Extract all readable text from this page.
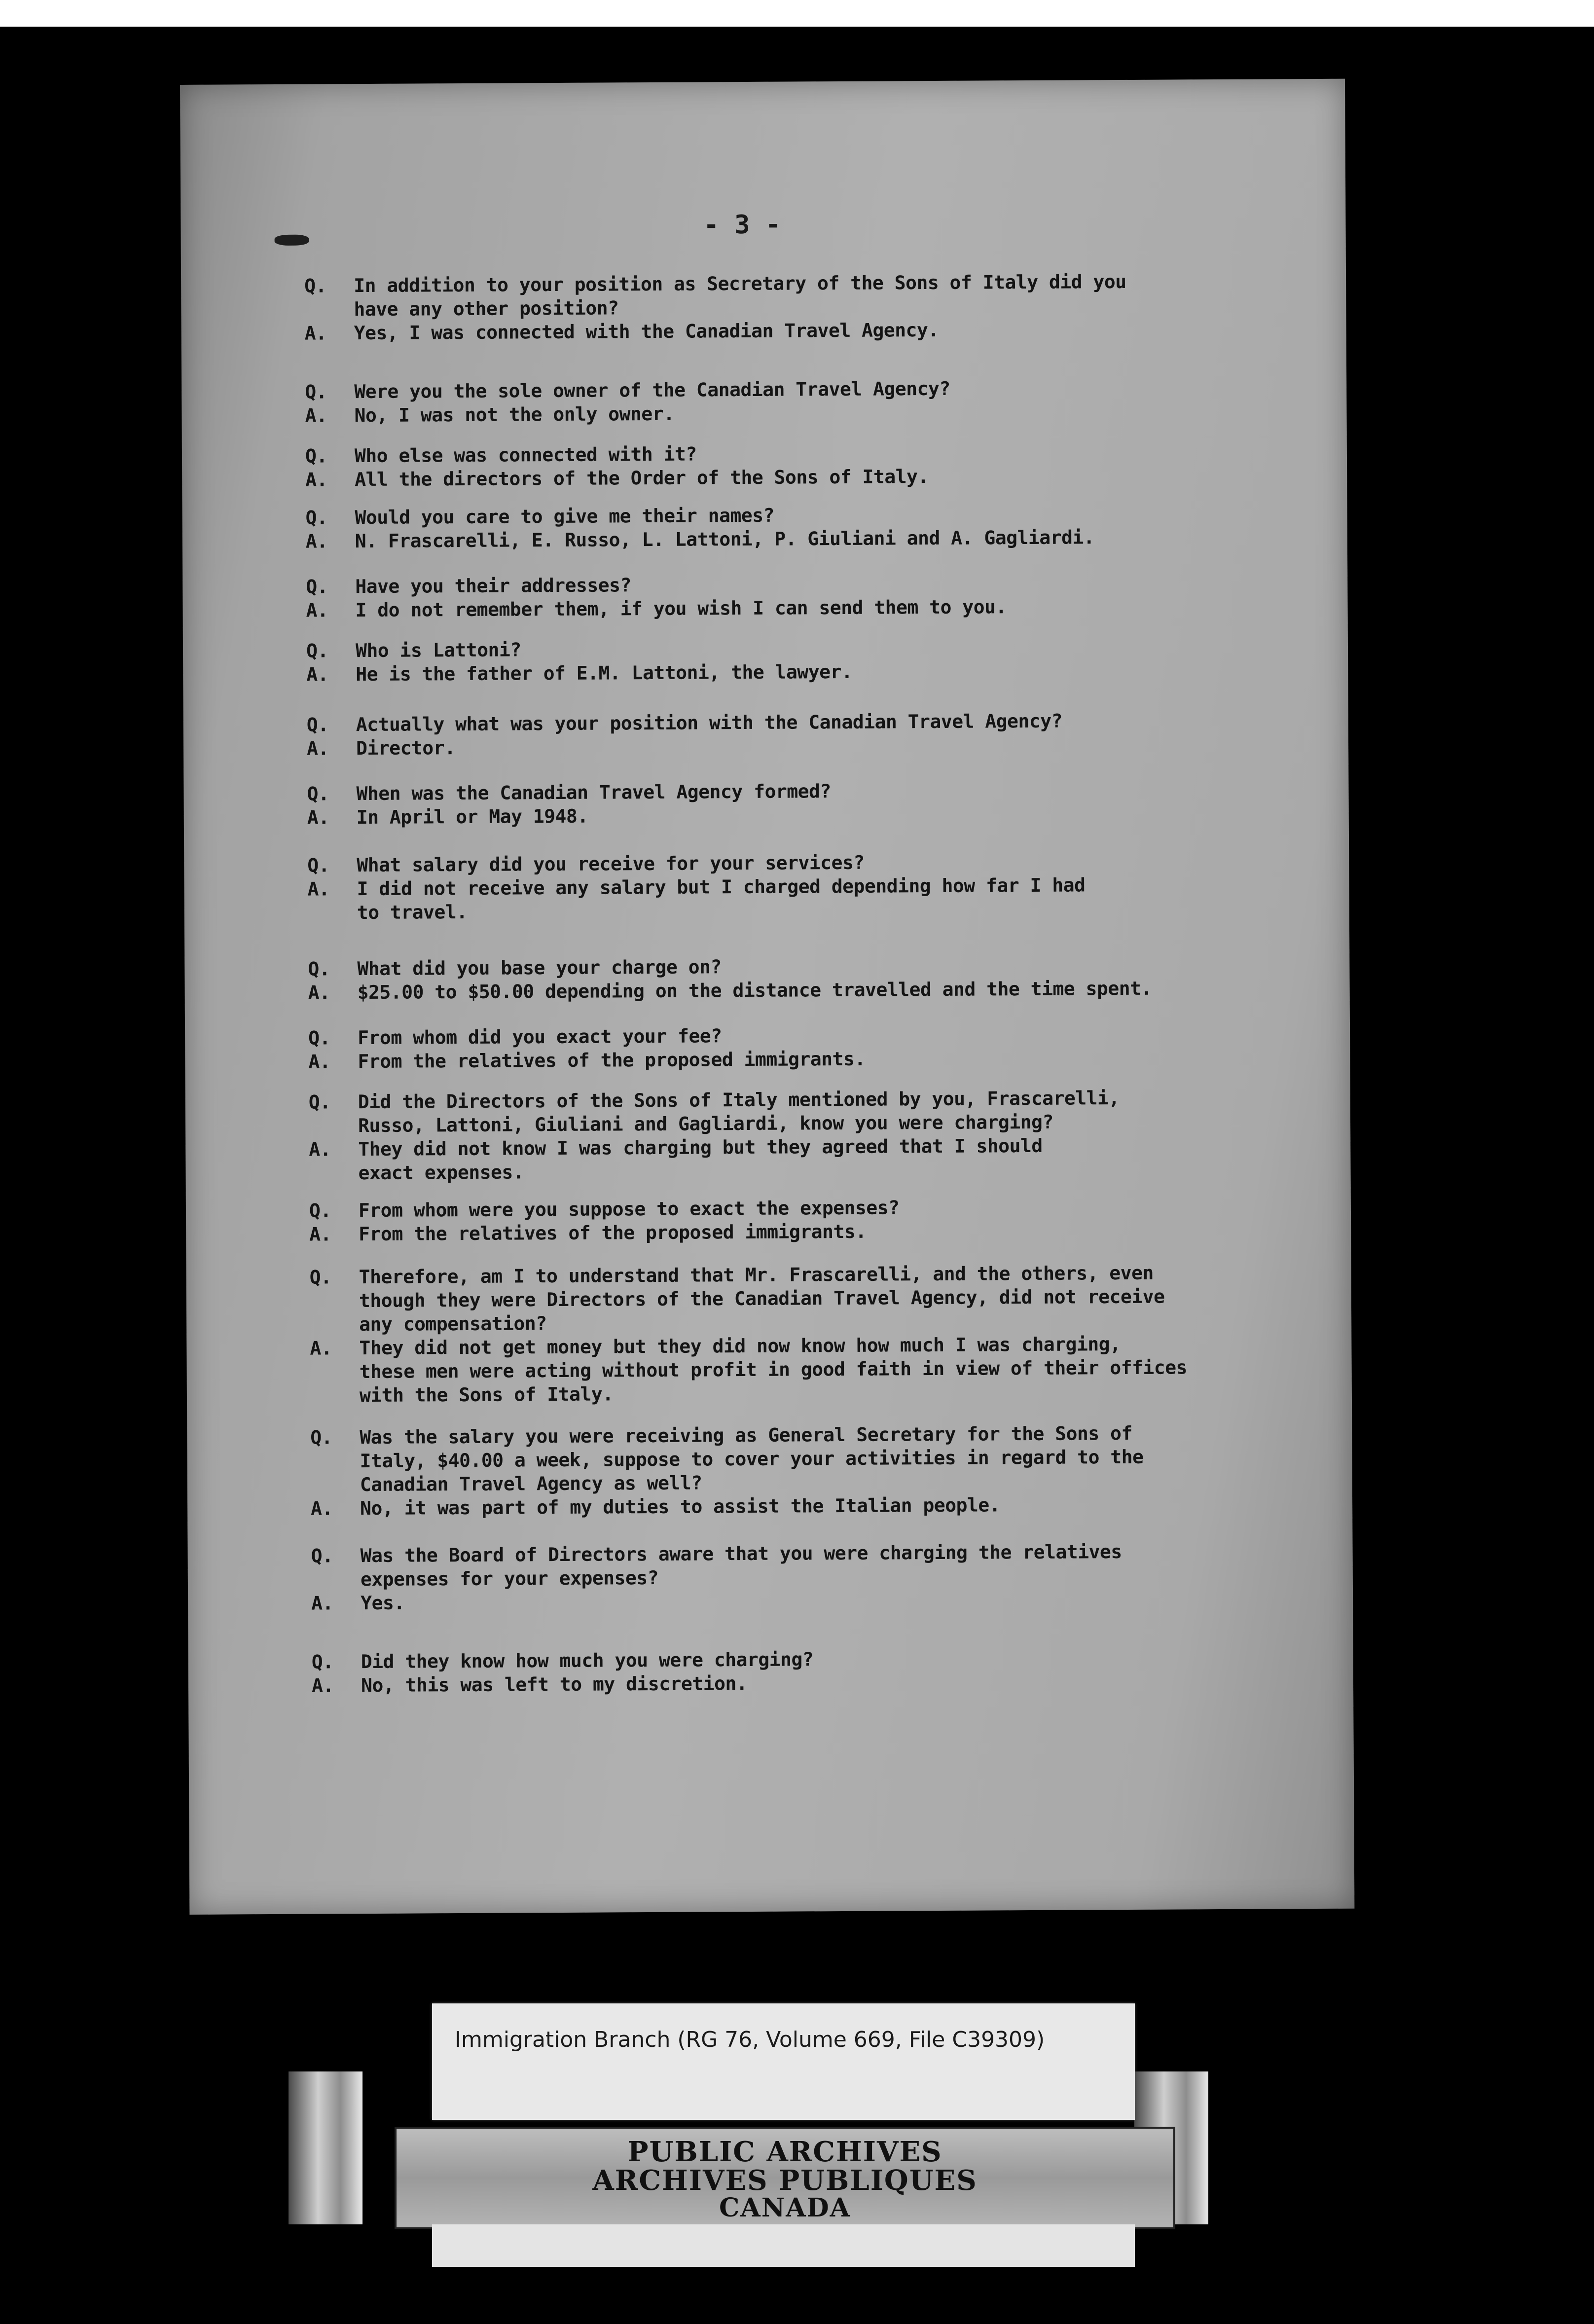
- 3 -
Q. In addition to your position as Secretary of the Sons of Italy did you
have any other position?
A. Yes, I was connected with the Canadian Travel Agency.
Q. Were you the sole owner of the Canadian Travel Agency?
A. No, I was not the only owner.
Q. Who else was connected with it?
A. All the directors of the Order of the Sons of Italy.
Q. Would you care to give me their names?
A. N. Frascarelli, E. Russo, L. Lattoni, P. Giuliani and A. Gagliardi.
Q. Have you their addresses?
A. I do not remember them, if you wish I can send them to you.
Q. Who is Lattoni?
A. He is the father of E.M. Lattoni, the lawyer.
Q. Actually what was your position with the Canadian Travel Agency?
A. Director.
Q. When was the Canadian Travel Agency formed?
A. In April or May 1948.
Q. What salary did you receive for your services?
A. I did not receive any salary but I charged depending how far I had
to travel.
Q. What did you base your charge on?
A. $25.00 to $50.00 depending on the distance travelled and the time spent.
Q. From whom did you exact your fee?
A. From the relatives of the proposed immigrants.
Q. Did the Directors of the Sons of Italy mentioned by you, Frascarelli,
Russo, Lattoni, Giuliani and Gagliardi, know you were charging?
A. They did not know I was charging but they agreed that I should
exact expenses.
Q. From whom were you suppose to exact the expenses?
A. From the relatives of the proposed immigrants.
Q. Therefore, am I to understand that Mr. Frascarelli, and the others, even
though they were Directors of the Canadian Travel Agency, did not receive
any compensation?
A. They did not get money but they did now know how much I was charging,
these men were acting without profit in good faith in view of their offices
with the Sons of Italy.
Q. Was the salary you were receiving as General Secretary for the Sons of
Italy, $40.00 a week, suppose to cover your activities in regard to the
Canadian Travel Agency as well?
A. No, it was part of my duties to assist the Italian people.
Q. Was the Board of Directors aware that you were charging the relatives
expenses for your expenses?
A. Yes.
Q. Did they know how much you were charging?
A. No, this was left to my discretion.
Immigration Branch (RG 76, Volume 669, File C39309)
PUBLIC ARCHIVES
ARCHIVES PUBLIQUES
CANADA
